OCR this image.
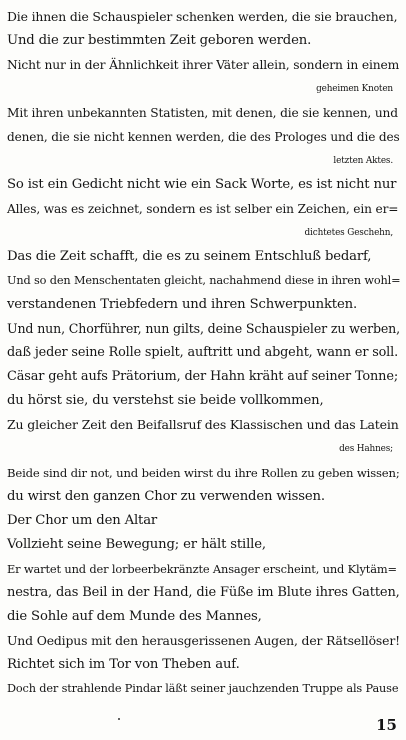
Die ihnen die Schauspieler schenken werden, die sie brauchen,
Und die zur bestimmten Zeit geboren werden.
Nicht nur in der Ähnlichkeit ihrer Väter allein, sondern in einem
geheimen Knoten
Mit ihren unbekannten Statisten, mit denen, die sie kennen, und
denen, die sie nicht kennen werden, die des Prologes und die des
letzten Aktes.
So ist ein Gedicht nicht wie ein Sack Worte, es ist nicht nur
Alles, was es zeichnet, sondern es ist selber ein Zeichen, ein er=
dichtetes Geschehn,
Das die Zeit schafft, die es zu seinem Entschluß bedarf,
Und so den Menschentaten gleicht, nachahmend diese in ihren wohl=
verstandenen Triebfedern und ihren Schwerpunkten.
Und nun, Chorführer, nun gilts, deine Schauspieler zu werben,
daß jeder seine Rolle spielt, auftritt und abgeht, wann er soll.
Cäsar geht aufs Prätorium, der Hahn kräht auf seiner Tonne;
du hörst sie, du verstehst sie beide vollkommen,
Zu gleicher Zeit den Beifallsruf des Klassischen und das Latein
des Hahnes;
Beide sind dir not, und beiden wirst du ihre Rollen zu geben wissen;
du wirst den ganzen Chor zu verwenden wissen.
Der Chor um den Altar
Vollzieht seine Bewegung; er hält stille,
Er wartet und der lorbeerbekränzte Ansager erscheint, und Klytäm=
nestra, das Beil in der Hand, die Füße im Blute ihres Gatten,
die Sohle auf dem Munde des Mannes,
Und Oedipus mit den herausgerissenen Augen, der Rätsellöser!
Richtet sich im Tor von Theben auf.
Doch der strahlende Pindar läßt seiner jauchzenden Truppe als Pause
15
